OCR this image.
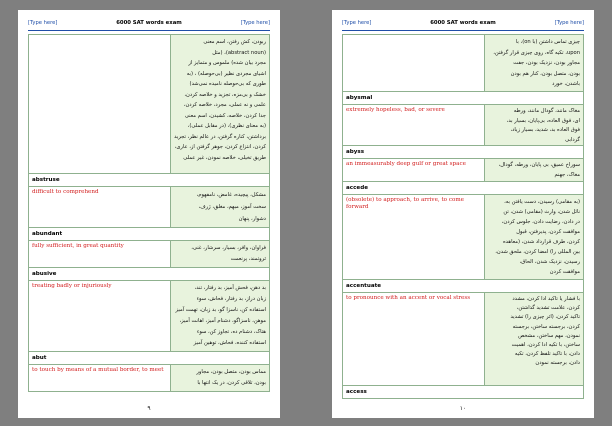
[Type here]	6000 SAT words exam	[Type here]
ربودن، کش رفتن، اسم معنی
(abstract noun)، (مثل
مجرد بیان شده) ملموس و متمایز از
اشیای مجردی نظیر (بی‌حوصله) ، (به
طوری که بی‌حوصله نامیده نمی‌شد)
خشک و بی‌مزه، تجزید و خلاصه کردن،
علمی و نه عملی، مجرد، خلاصه کردن،
جدا کردن، خلاصه، کشیدن، اسم معنی
(به معنای نظری)، (در مقابل عملی)،
برداشتن، کناره گرفتن، در عالم نظر، تجرید
کردن، انتزاع کردن، جوهر گرفتن از، عاری،
طریق تخیلی، خلاصه نمودن، غیر عملی
abstruse
difficult to comprehend	مشکل، پیچیده، غامض، نامفهوم،
سخت آموز، مبهم، مغلق، ژرف،
دشوار، پنهان
abundant
fully sufficient, in great quantity	فراوان، وافر، بسیار، سرشار، غنی،
ثروتمند، پرنعمت
abusive
treating badly or injuriously	بد دهن، فحش آمیز، بد رفتار، تند،
زبان دراز، بد رفتار، فحاش، سوء
استفاده کن، ناسزا گو، بد زبان، تهمت آمیز
موهن، ناسزاگو، دشنام آمیز، اهانت آمیز،
هتاک، دشنام ده، تجاوز کن، سوء
استفاده کننده، فحاش، توهین آمیز
abut
to touch by means of a mutual border, to meet	مماس بودن، متصل بودن، مجاور
بودن، تلاقی کردن، در یک انتها با
۹
[Type here]	6000 SAT words exam	[Type here]
چیزی تماس داشتن (با on)، با
upon، تکیه گاه، روی چیزی قرار گرفتن،
مجاور بودن، نزدیک بودن، جفت
بودن، متصل بودن، کنار هم بودن
باشدن، خورد
abysmal
extremely hopeless, bad, or severe	مغاک مانند، گودال مانند، ورطه
ای، فوق العاده، بی‌پایان، بسیار بد،
فوق العاده بد، شدید، بسیار زیاد،
گردابی
abyss
an immeasurably deep gulf or great space	سوراخ عمیق، بی پایان، ورطه، گودال،
مغاک، جهنم
accede
(obsolete) to approach, to arrive, to come forward
(به مقامی) رسیدن، دست یافتن به،
نائل شدن، وارث (مقامی) شدن، تن
در دادن، رضایت دادن، جلوس کردن،
موافقت کردن، پذیرفتن، قبول
کردن، طرف قرارداد شدن، (معاهده
بین المللی را) امضا کردن، ملحق شدن،
رسیدن، نزدیک شدن، الحاق،
موافقت کردن
accentuate
to pronounce with an accent or vocal stress	با فشار یا تاکید ادا کردن، مشدد
کردن، علامت تشدید گذاشتن،
تاکید کردن، (اثر چیزی را) تشدید
کردن، برجسته ساختن، برجسته
نمودن، مهم ساختن، مشخص
ساختن، با تکیه ادا کردن، اهمیت
دادن، با تاکید تلفظ کردن، تکیه
دادن، برجسته نمودن
access
۱۰
